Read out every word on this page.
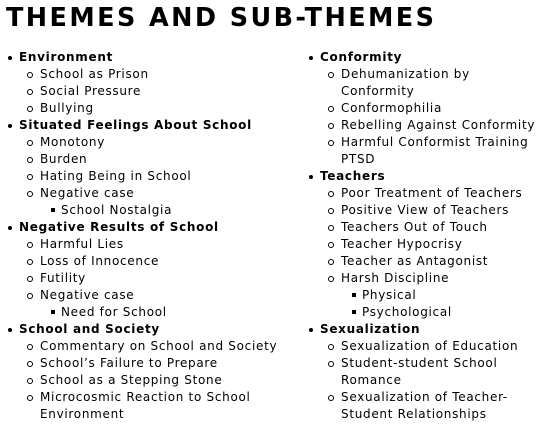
THEMES AND SUB-THEMES
Environment
School as Prison
Social Pressure
Bullying
Situated Feelings About School
Monotony
Burden
Hating Being in School
Negative case
School Nostalgia
Negative Results of School
Harmful Lies
Loss of Innocence
Futility
Negative case
Need for School
School and Society
Commentary on School and Society
School’s Failure to Prepare
School as a Stepping Stone
Microcosmic Reaction to School Environment
Conformity
Dehumanization by Conformity
Conformophilia
Rebelling Against Conformity
Harmful Conformist Training PTSD
Teachers
Poor Treatment of Teachers
Positive View of Teachers
Teachers Out of Touch
Teacher Hypocrisy
Teacher as Antagonist
Harsh Discipline
Physical
Psychological
Sexualization
Sexualization of Education
Student-student School Romance
Sexualization of Teacher-Student Relationships
